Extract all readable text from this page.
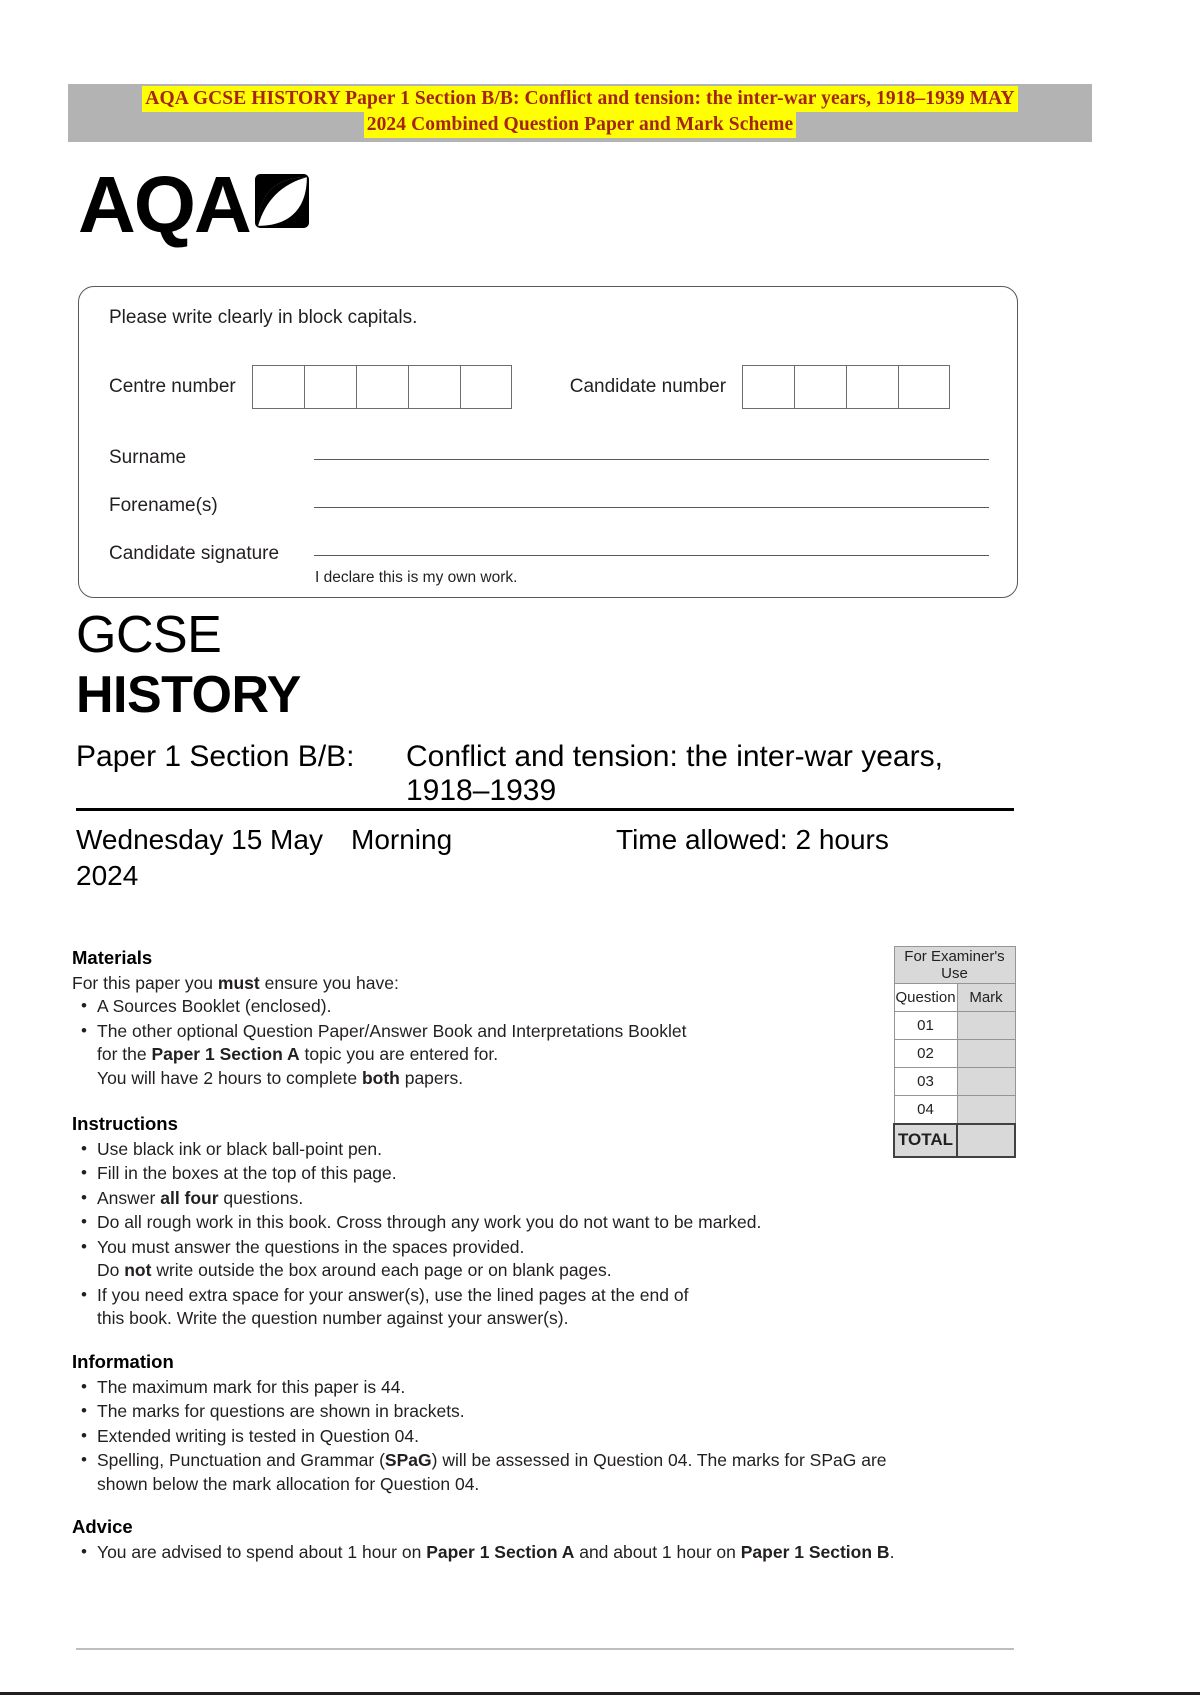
AQA GCSE HISTORY Paper 1 Section B/B: Conflict and tension: the inter-war years, 1918–1939 MAY
2024 Combined Question Paper and Mark Scheme
AQA
Please write clearly in block capitals.
Centre number	Candidate number
Surname
Forename(s)
Candidate signature
I declare this is my own work.
GCSE
HISTORY
Paper 1 Section B/B:	Conflict and tension: the inter-war years,
1918–1939
Wednesday 15 May 2024
Morning	Time allowed: 2 hours
Materials

For this paper you must ensure you have:

• A Sources Booklet (enclosed).
• The other optional Question Paper/Answer Book and Interpretations Booklet
for the Paper 1 Section A topic you are entered for.
You will have 2 hours to complete both papers.
Instructions
• Use black ink or black ball-point pen.
• Fill in the boxes at the top of this page.
• Answer all four questions.
• Do all rough work in this book. Cross through any work you do not want to be marked.
• You must answer the questions in the spaces provided.
Do not write outside the box around each page or on blank pages.
• If you need extra space for your answer(s), use the lined pages at the end of
this book. Write the question number against your answer(s).
Information
• The maximum mark for this paper is 44.
• The marks for questions are shown in brackets.
• Extended writing is tested in Question 04.
• Spelling, Punctuation and Grammar (SPaG) will be assessed in Question 04. The marks for SPaG are
shown below the mark allocation for Question 04.
Advice
• You are advised to spend about 1 hour on Paper 1 Section A and about 1 hour on Paper 1 Section B.
For Examiner's Use	
Question	Mark
01	
02	
03	
04	
TOTAL	
